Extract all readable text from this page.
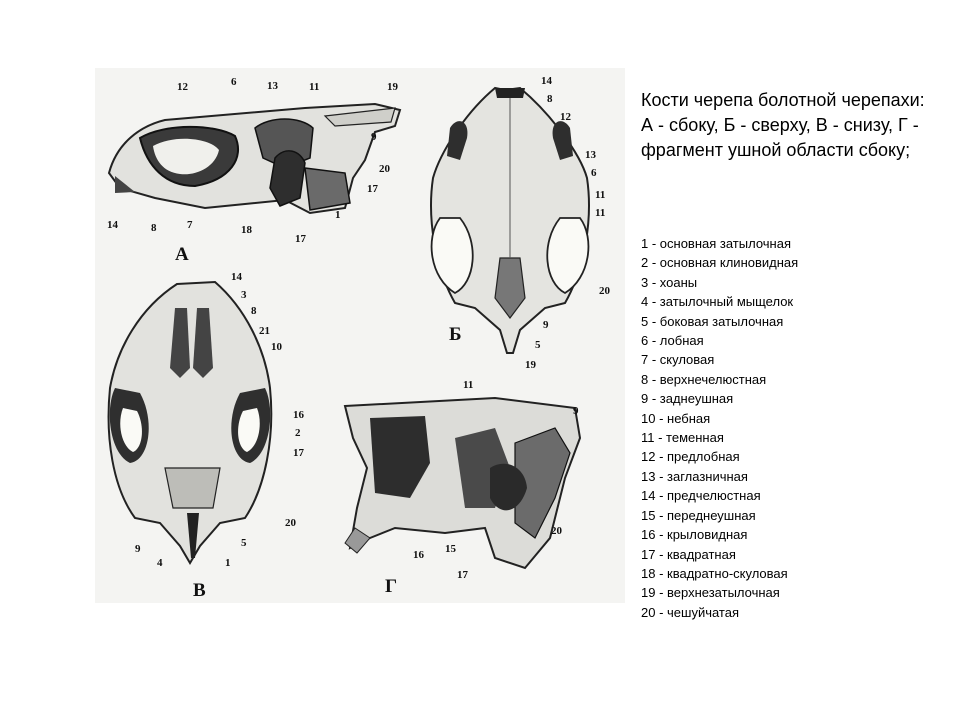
А
12	6	13	11	19
9
20
17
14	8	7	18
17
1
Б
14
8
12
13
6
11
11
20
9
5
19
В
14
3
8
21
10
16
2
17
20
5
1
4
9
Г
11
9
20
15
16
17
Кости черепа болотной черепахи: А - сбоку, Б - сверху, В - снизу, Г - фрагмент ушной области сбоку;
1 - основная затылочная
2 - основная клиновидная
3 - хоаны
4 - затылочный мыщелок
5 - боковая затылочная
6 - лобная
7 - скуловая
8 - верхнечелюстная
9 - заднеушная
10 - небная
11 - теменная
12 - предлобная
13 - заглазничная
14 - предчелюстная
15 - переднеушная
16 - крыловидная
17 - квадратная
18 - квадратно-скуловая
19 - верхнезатылочная
20 - чешуйчатая
